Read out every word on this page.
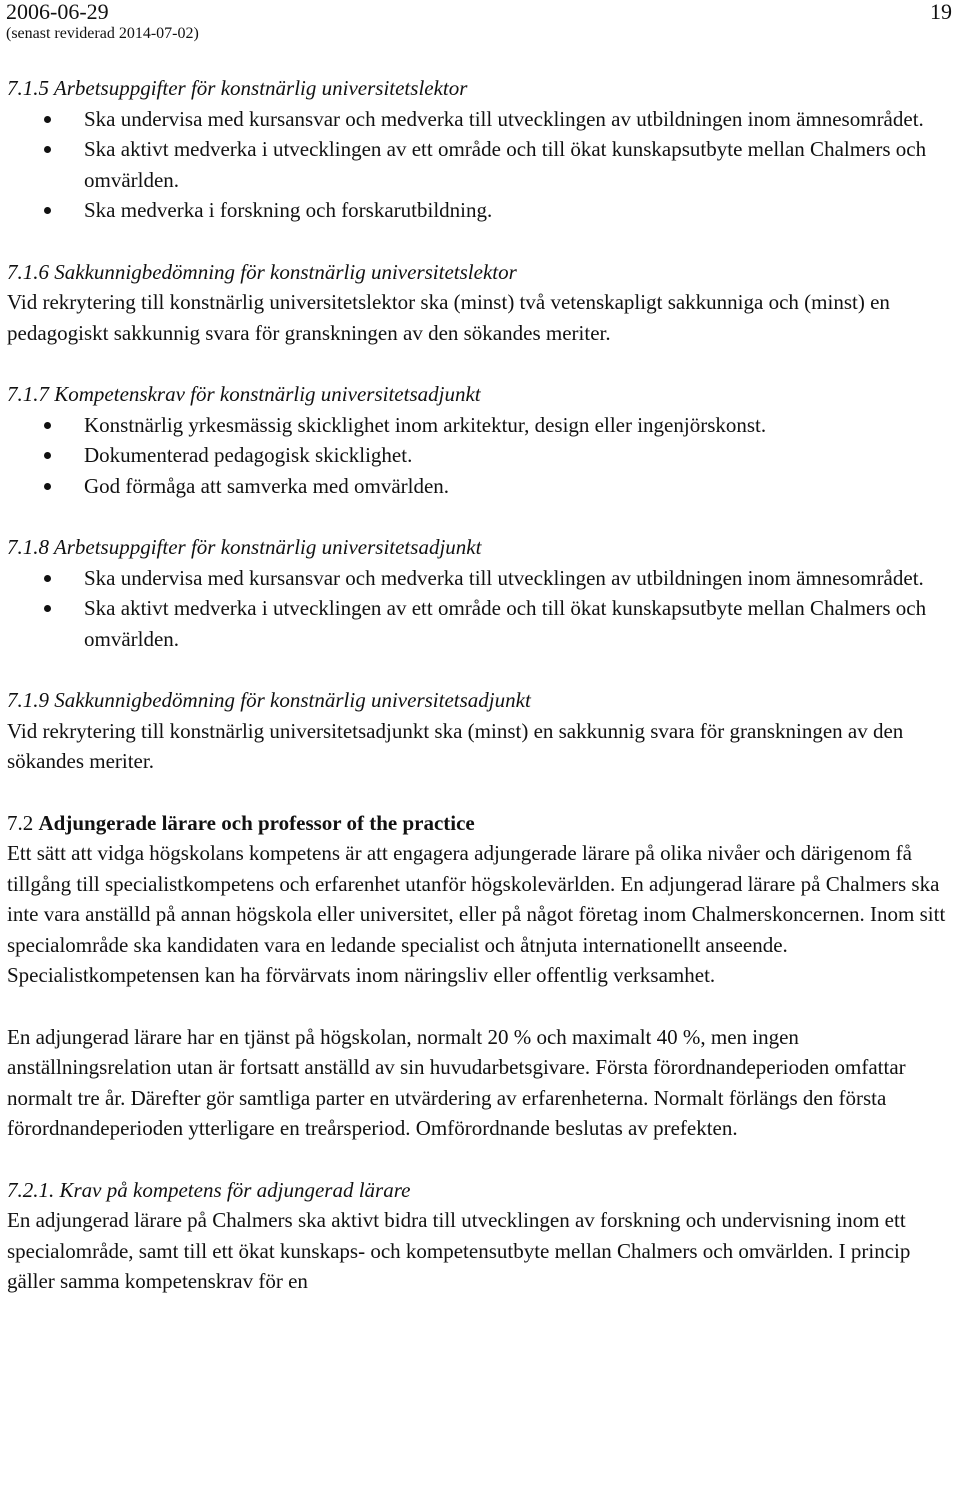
2006-06-29
(senast reviderad 2014-07-02)
19
7.1.5 Arbetsuppgifter för konstnärlig universitetslektor
Ska undervisa med kursansvar och medverka till utvecklingen av utbildningen inom ämnesområdet.
Ska aktivt medverka i utvecklingen av ett område och till ökat kunskapsutbyte mellan Chalmers och omvärlden.
Ska medverka i forskning och forskarutbildning.
7.1.6 Sakkunnigbedömning för konstnärlig universitetslektor

Vid rekrytering till konstnärlig universitetslektor ska (minst) två vetenskapligt sakkunniga och (minst) en pedagogiskt sakkunnig svara för granskningen av den sökandes meriter.

7.1.7 Kompetenskrav för konstnärlig universitetsadjunkt
Konstnärlig yrkesmässig skicklighet inom arkitektur, design eller ingenjörskonst.
Dokumenterad pedagogisk skicklighet.
God förmåga att samverka med omvärlden.
7.1.8 Arbetsuppgifter för konstnärlig universitetsadjunkt
Ska undervisa med kursansvar och medverka till utvecklingen av utbildningen inom ämnesområdet.
Ska aktivt medverka i utvecklingen av ett område och till ökat kunskapsutbyte mellan Chalmers och omvärlden.
7.1.9 Sakkunnigbedömning för konstnärlig universitetsadjunkt

Vid rekrytering till konstnärlig universitetsadjunkt ska (minst) en sakkunnig svara för granskningen av den sökandes meriter.

7.2 Adjungerade lärare och professor of the practice

Ett sätt att vidga högskolans kompetens är att engagera adjungerade lärare på olika nivåer och därigenom få tillgång till specialistkompetens och erfarenhet utanför högskolevärlden. En adjungerad lärare på Chalmers ska inte vara anställd på annan högskola eller universitet, eller på något företag inom Chalmerskoncernen. Inom sitt specialområde ska kandidaten vara en ledande specialist och åtnjuta internationellt anseende. Specialistkompetensen kan ha förvärvats inom näringsliv eller offentlig verksamhet.

En adjungerad lärare har en tjänst på högskolan, normalt 20 % och maximalt 40 %, men ingen anställningsrelation utan är fortsatt anställd av sin huvudarbetsgivare. Första förordnandeperioden omfattar normalt tre år. Därefter gör samtliga parter en utvärdering av erfarenheterna. Normalt förlängs den första förordnandeperioden ytterligare en treårsperiod. Omförordnande beslutas av prefekten.

7.2.1. Krav på kompetens för adjungerad lärare

En adjungerad lärare på Chalmers ska aktivt bidra till utvecklingen av forskning och undervisning inom ett specialområde, samt till ett ökat kunskaps- och kompetensutbyte mellan Chalmers och omvärlden. I princip gäller samma kompetenskrav för en
